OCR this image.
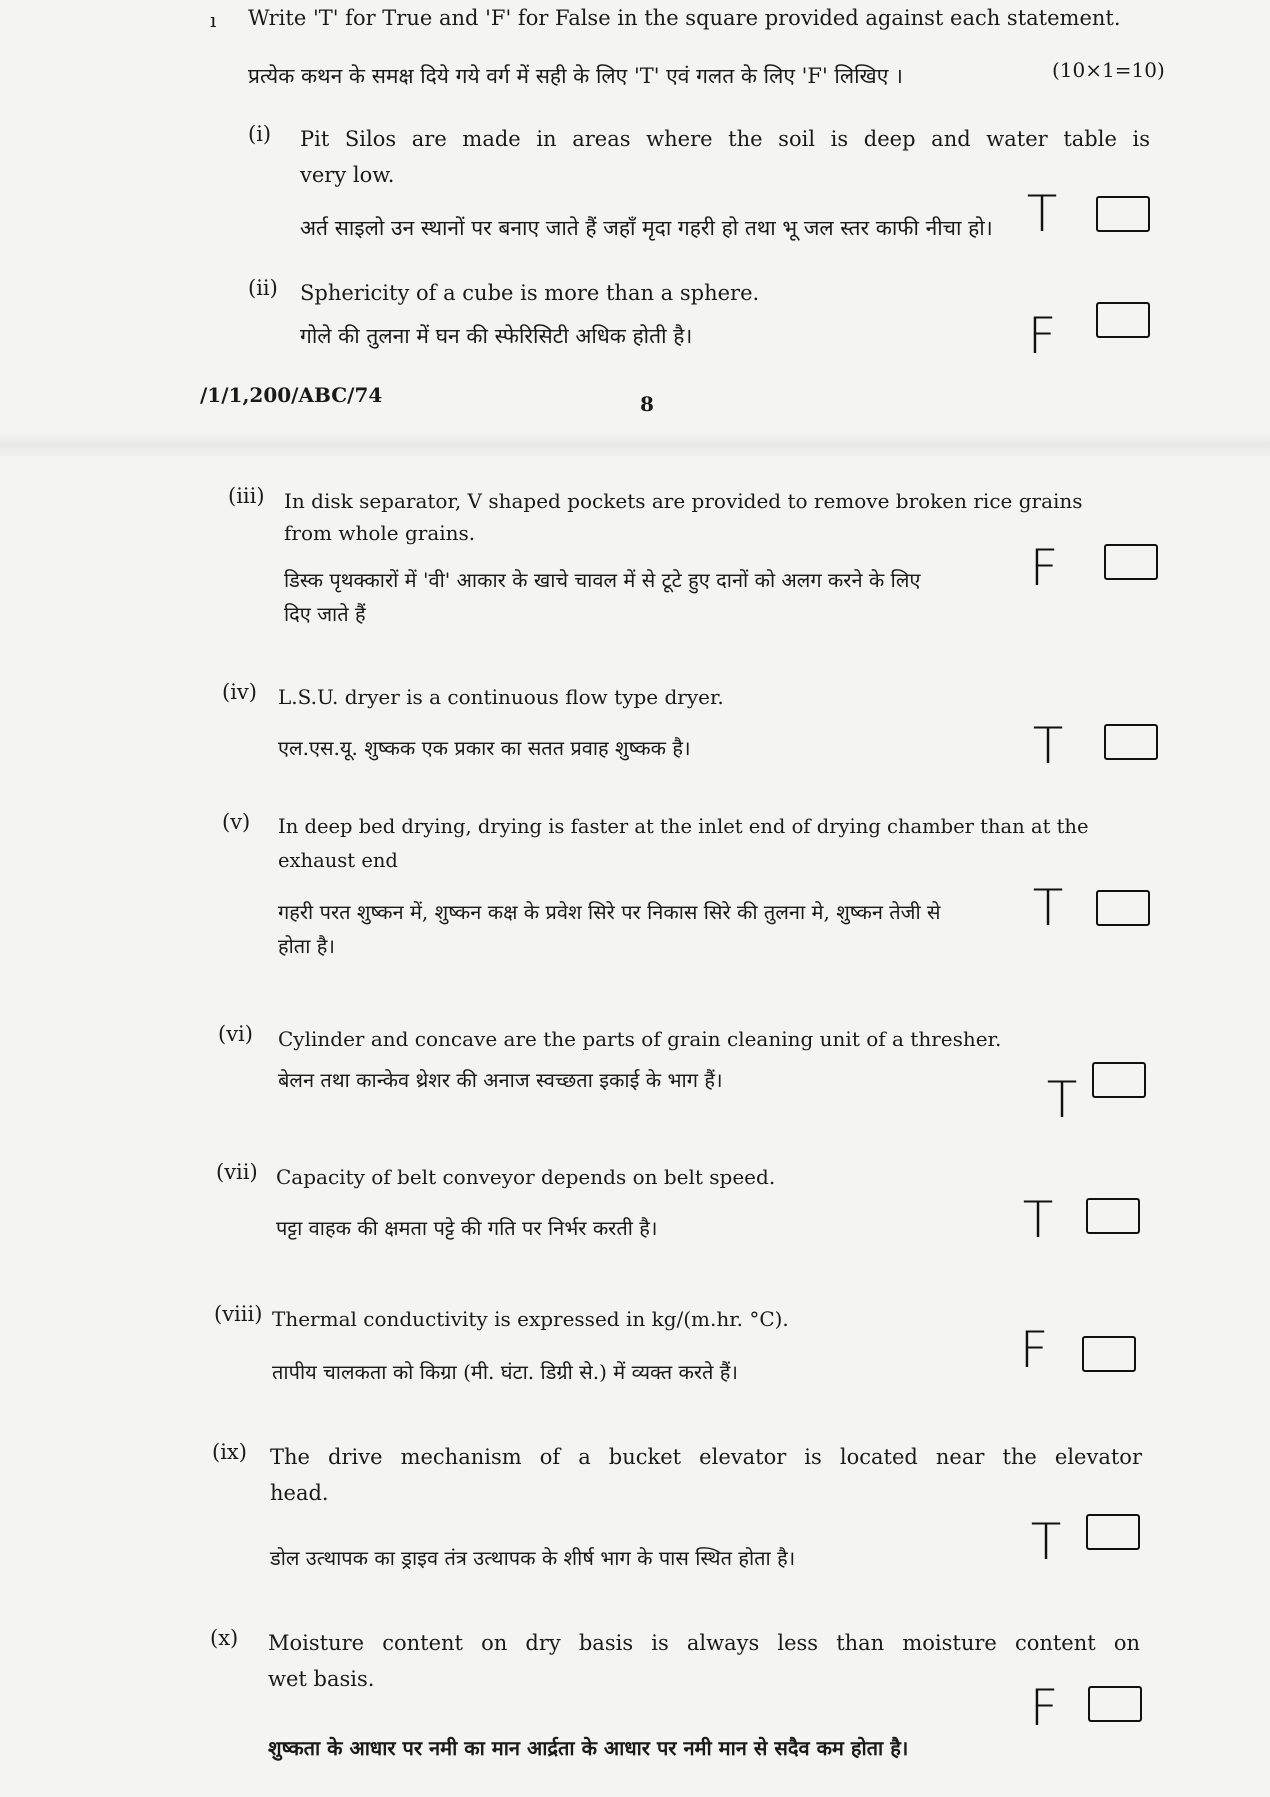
ı Write 'T' for True and 'F' for False in the square provided against each statement.
(10×1=10)
प्रत्येक कथन के समक्ष दिये गये वर्ग में सही के लिए 'T' एवं गलत के लिए 'F' लिखिए ।
/1/1,200/ABC/74	8
(i) Pit Silos are made in areas where the soil is deep and water table is
very low.
अर्त साइलो उन स्थानों पर बनाए जाते हैं जहाँ मृदा गहरी हो तथा भू जल स्तर काफी नीचा हो। T
(ii) Sphericity of a cube is more than a sphere.
गोले की तुलना में घन की स्फेरिसिटी अधिक होती है।	F
(iii) In disk separator, V shaped pockets are provided to remove broken rice grains
from whole grains.
डिस्क पृथक्कारों में 'वी' आकार के खाचे चावल में से टूटे हुए दानों को अलग करने के लिए
दिए जाते हैं
F
(iv) L.S.U. dryer is a continuous flow type dryer.
एल.एस.यू. शुष्कक एक प्रकार का सतत प्रवाह शुष्कक है।	T
(v) In deep bed drying, drying is faster at the inlet end of drying chamber than at the
exhaust end
गहरी परत शुष्कन में, शुष्कन कक्ष के प्रवेश सिरे पर निकास सिरे की तुलना मे, शुष्कन तेजी से
होता है।
T
(vi) Cylinder and concave are the parts of grain cleaning unit of a thresher.
बेलन तथा कान्केव थ्रेशर की अनाज स्वच्छता इकाई के भाग हैं।	T
(vii) Capacity of belt conveyor depends on belt speed.
पट्टा वाहक की क्षमता पट्टे की गति पर निर्भर करती है।	T
(viii) Thermal conductivity is expressed in kg/(m.hr. °C).
तापीय चालकता को किग्रा (मी. घंटा. डिग्री से.) में व्यक्त करते हैं।	F
(ix) The drive mechanism of a bucket elevator is located near the elevator
head.
डोल उत्थापक का ड्राइव तंत्र उत्थापक के शीर्ष भाग के पास स्थित होता है।	T
(x) Moisture content on dry basis is always less than moisture content on
wet basis.
शुष्कता के आधार पर नमी का मान आर्द्रता के आधार पर नमी मान से सदैव कम होता है।
F
